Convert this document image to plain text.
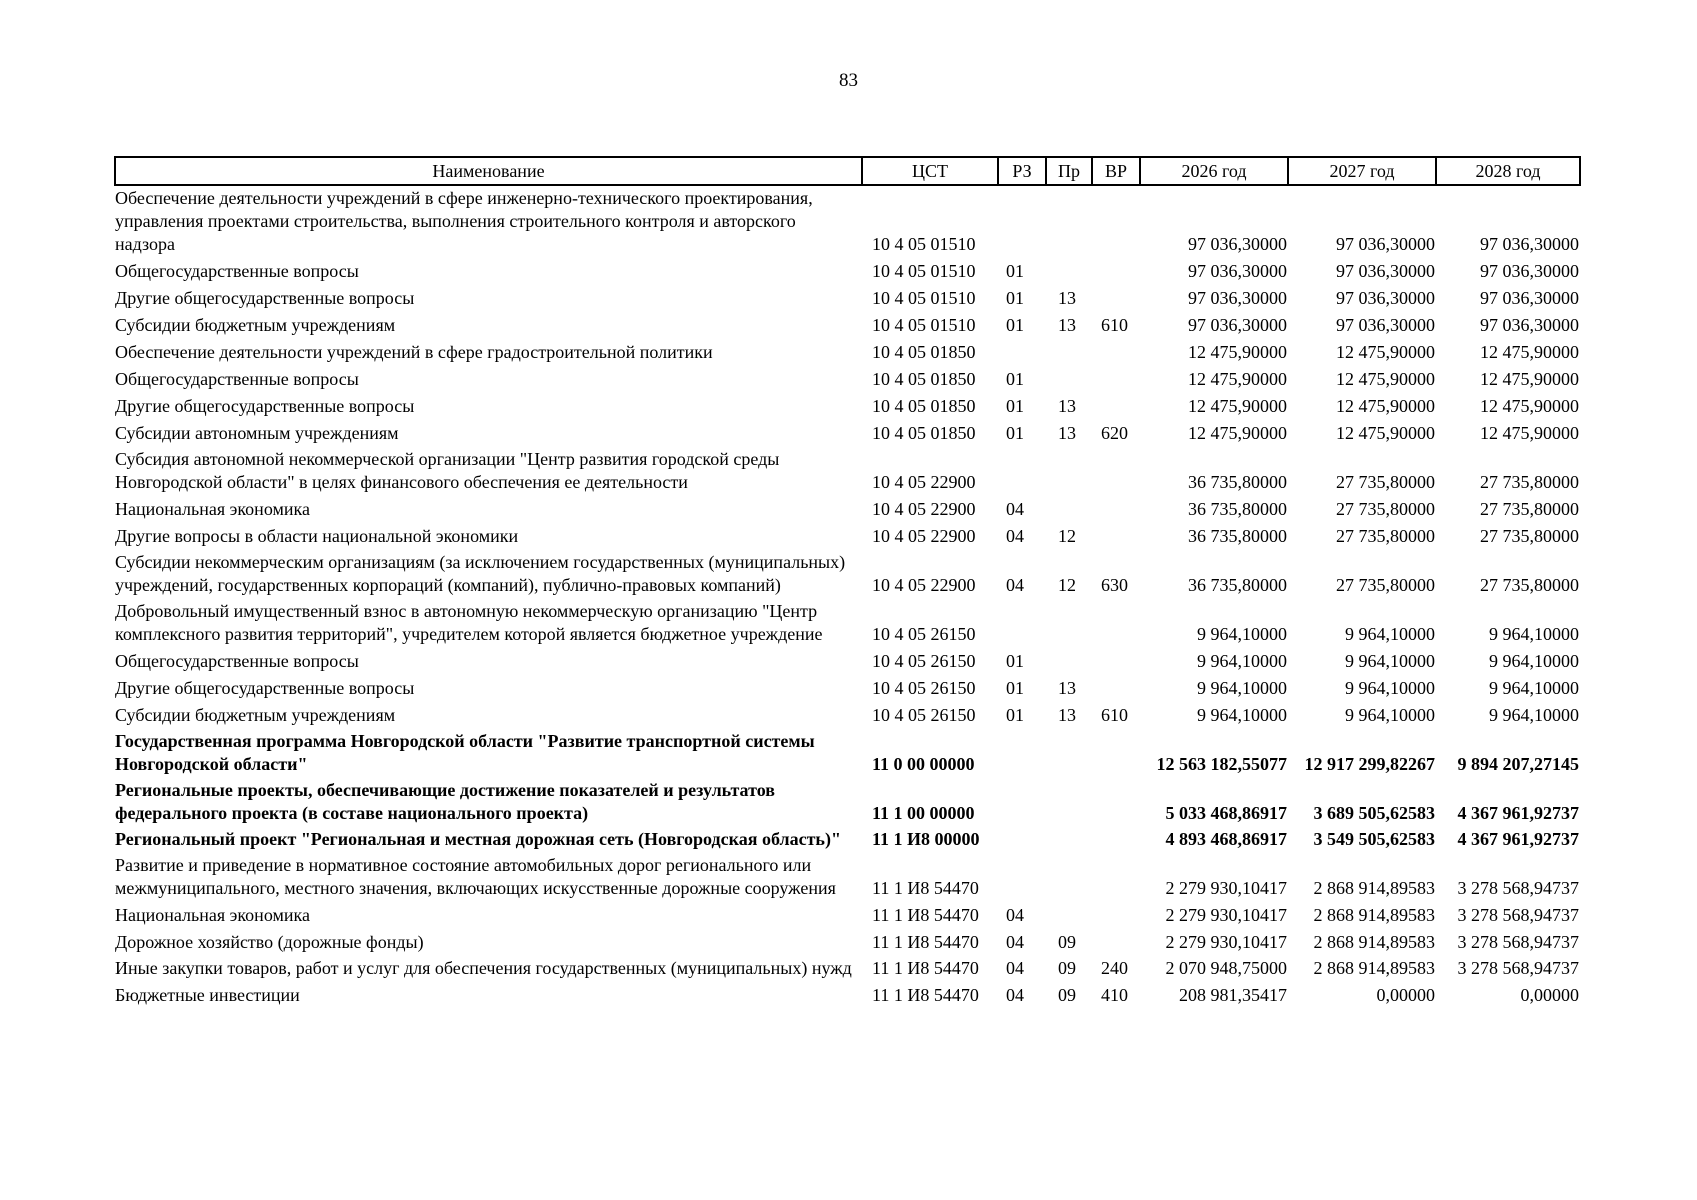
83
Наименование	ЦСТ	РЗ	Пр	ВР	2026 год	2027 год	2028 год
Обеспечение деятельности учреждений в сфере инженерно-технического проектирования, управления проектами строительства, выполнения строительного контроля и авторского надзора	10 4 05 01510				97 036,30000	97 036,30000	97 036,30000
Общегосударственные вопросы	10 4 05 01510	01			97 036,30000	97 036,30000	97 036,30000
Другие общегосударственные вопросы	10 4 05 01510	01	13		97 036,30000	97 036,30000	97 036,30000
Субсидии бюджетным учреждениям	10 4 05 01510	01	13	610	97 036,30000	97 036,30000	97 036,30000
Обеспечение деятельности учреждений в сфере градостроительной политики	10 4 05 01850				12 475,90000	12 475,90000	12 475,90000
Общегосударственные вопросы	10 4 05 01850	01			12 475,90000	12 475,90000	12 475,90000
Другие общегосударственные вопросы	10 4 05 01850	01	13		12 475,90000	12 475,90000	12 475,90000
Субсидии автономным учреждениям	10 4 05 01850	01	13	620	12 475,90000	12 475,90000	12 475,90000
Субсидия автономной некоммерческой организации "Центр развития городской среды Новгородской области" в целях финансового обеспечения ее деятельности	10 4 05 22900				36 735,80000	27 735,80000	27 735,80000
Национальная экономика	10 4 05 22900	04			36 735,80000	27 735,80000	27 735,80000
Другие вопросы в области национальной экономики	10 4 05 22900	04	12		36 735,80000	27 735,80000	27 735,80000
Субсидии некоммерческим организациям (за исключением государственных (муниципальных) учреждений, государственных корпораций (компаний), публично-правовых компаний)	10 4 05 22900	04	12	630	36 735,80000	27 735,80000	27 735,80000
Добровольный имущественный взнос в автономную некоммерческую организацию "Центр комплексного развития территорий", учредителем которой является бюджетное учреждение	10 4 05 26150				9 964,10000	9 964,10000	9 964,10000
Общегосударственные вопросы	10 4 05 26150	01			9 964,10000	9 964,10000	9 964,10000
Другие общегосударственные вопросы	10 4 05 26150	01	13		9 964,10000	9 964,10000	9 964,10000
Субсидии бюджетным учреждениям	10 4 05 26150	01	13	610	9 964,10000	9 964,10000	9 964,10000
Государственная программа Новгородской области "Развитие транспортной системы Новгородской области"	11 0 00 00000				12 563 182,55077	12 917 299,82267	9 894 207,27145
Региональные проекты, обеспечивающие достижение показателей и результатов федерального проекта (в составе национального проекта)	11 1 00 00000				5 033 468,86917	3 689 505,62583	4 367 961,92737
Региональный проект "Региональная и местная дорожная сеть (Новгородская область)"	11 1 И8 00000				4 893 468,86917	3 549 505,62583	4 367 961,92737
Развитие и приведение в нормативное состояние автомобильных дорог регионального или межмуниципального, местного значения, включающих искусственные дорожные сооружения	11 1 И8 54470				2 279 930,10417	2 868 914,89583	3 278 568,94737
Национальная экономика	11 1 И8 54470	04			2 279 930,10417	2 868 914,89583	3 278 568,94737
Дорожное хозяйство (дорожные фонды)	11 1 И8 54470	04	09		2 279 930,10417	2 868 914,89583	3 278 568,94737
Иные закупки товаров, работ и услуг для обеспечения государственных (муниципальных) нужд	11 1 И8 54470	04	09	240	2 070 948,75000	2 868 914,89583	3 278 568,94737
Бюджетные инвестиции	11 1 И8 54470	04	09	410	208 981,35417	0,00000	0,00000
